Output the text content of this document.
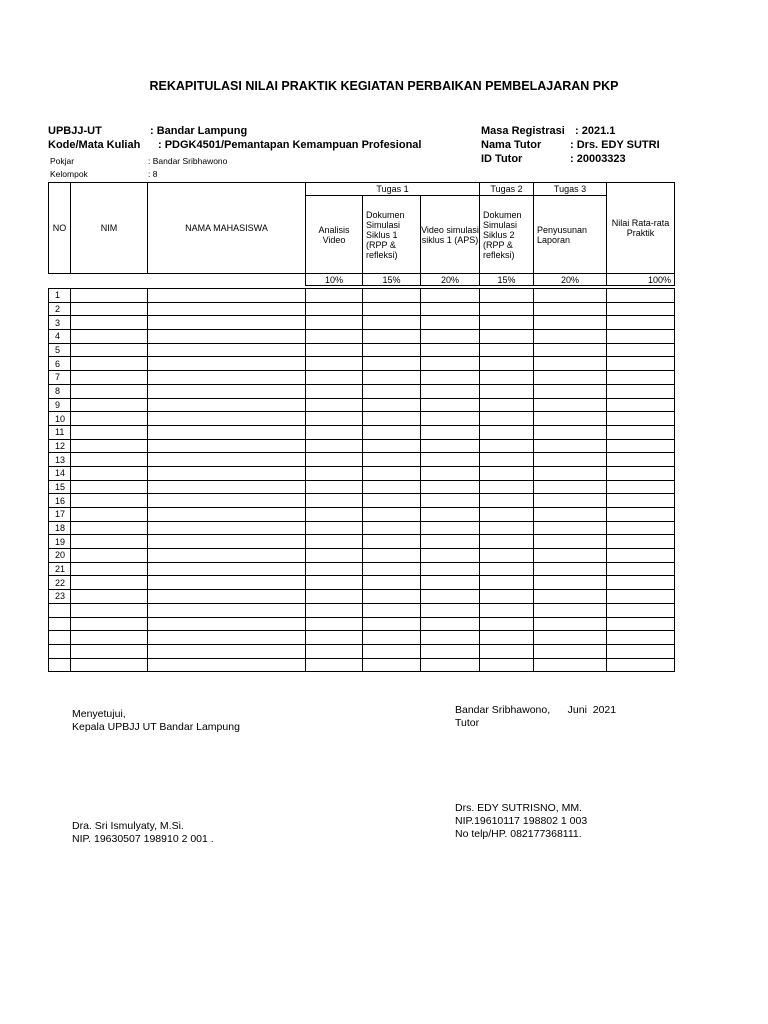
REKAPITULASI NILAI PRAKTIK KEGIATAN PERBAIKAN PEMBELAJARAN PKP
UPBJJ-UT	: Bandar Lampung
Kode/Mata Kuliah : PDGK4501/Pemantapan Kemampuan Profesional
Pokjar	: Bandar Sribhawono
Kelompok	: 8
Masa Registrasi : 2021.1
Nama Tutor	: Drs. EDY SUTRI
ID Tutor	: 20003323
NO	NIM	NAMA MAHASISWA	Tugas 1			Tugas 2	Tugas 3	Nilai Rata-rata Praktik
			Analisis Video	Dokumen Simulasi Siklus 1 (RPP & refleksi)	Video simulasi siklus 1 (APS)	Dokumen Simulasi Siklus 2 (RPP & refleksi)	Penyusunan Laporan	
			10%	15%	20%	15%	20%	100%

1								
2								
3								
4								
5								
6								
7								
8								
9								
10								
11								
12								
13								
14								
15								
16								
17								
18								
19								
20								
21								
22								
23								

Menyetujui,
Kepala UPBJJ UT Bandar Lampung
Dra. Sri Ismulyaty, M.Si.
NIP. 19630507 198910 2 001 .
Bandar Sribhawono,      Juni  2021
Tutor
Drs. EDY SUTRISNO, MM.
NIP.19610117 198802 1 003
No telp/HP. 082177368111.
